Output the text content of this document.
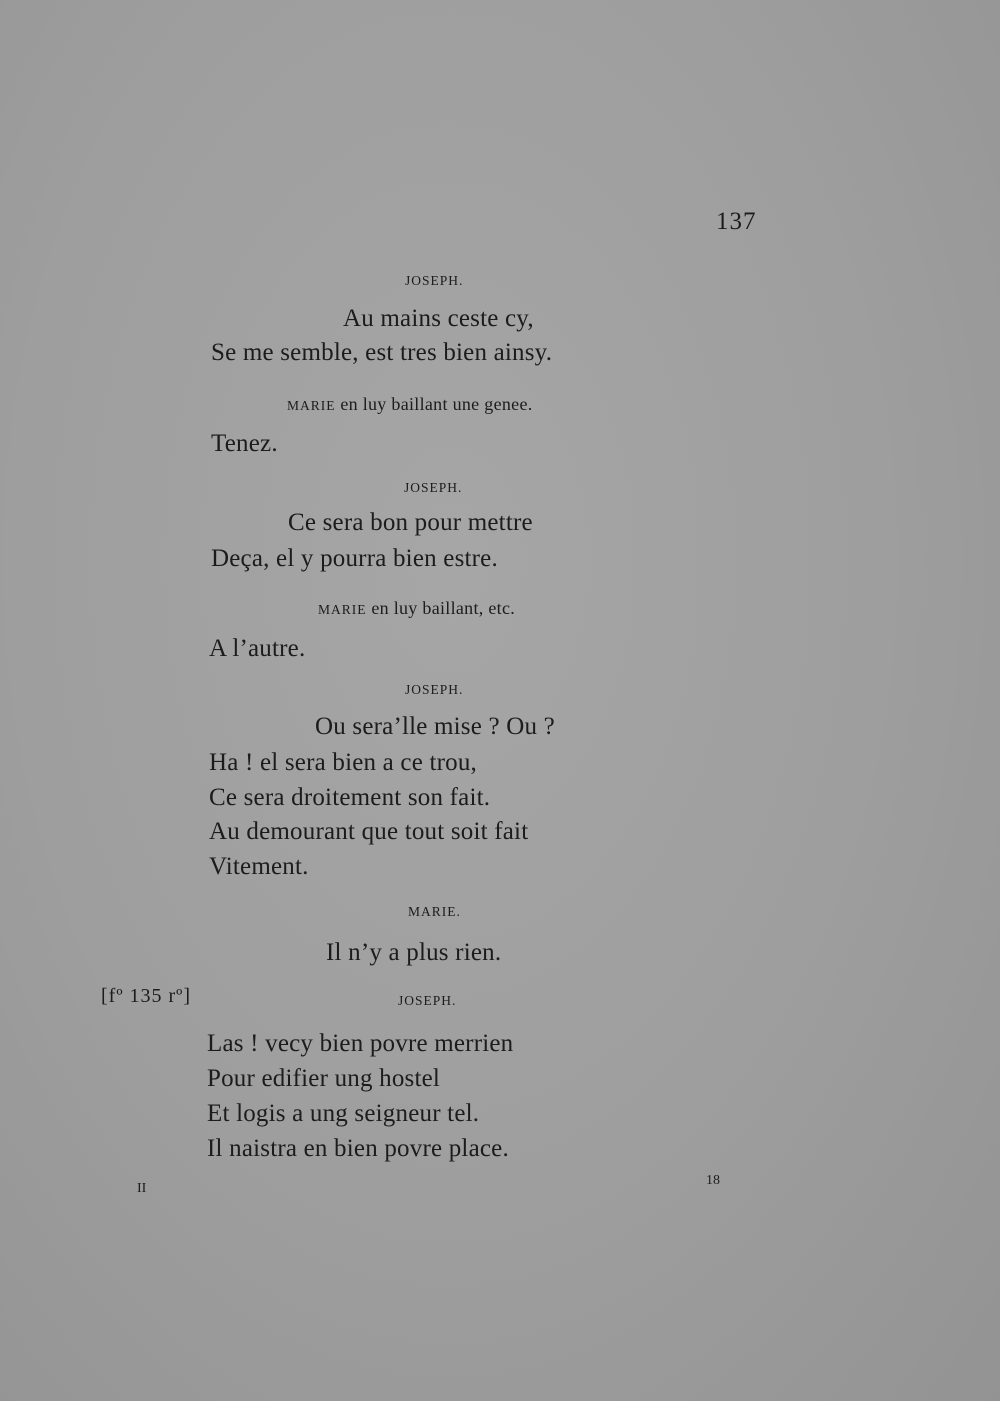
137
JOSEPH.
Au mains ceste cy,
Se me semble, est tres bien ainsy.
MARIE en luy baillant une genee.
Tenez.
JOSEPH.
Ce sera bon pour mettre
Deça, el y pourra bien estre.
MARIE en luy baillant, etc.
A l’autre.
JOSEPH.
Ou sera’lle mise ? Ou ?
Ha ! el sera bien a ce trou,
Ce sera droitement son fait.
Au demourant que tout soit fait
Vitement.
MARIE.
Il n’y a plus rien.
[fº 135 rº]	JOSEPH.
Las ! vecy bien povre merrien
Pour edifier ung hostel
Et logis a ung seigneur tel.
Il naistra en bien povre place.
II
18
